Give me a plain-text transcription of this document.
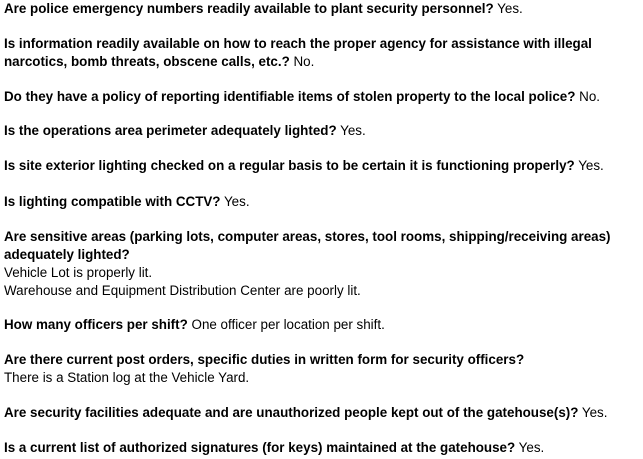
Are police emergency numbers readily available to plant security personnel? Yes.

Is information readily available on how to reach the proper agency for assistance with illegal
narcotics, bomb threats, obscene calls, etc.? No.

Do they have a policy of reporting identifiable items of stolen property to the local police? No.

Is the operations area perimeter adequately lighted? Yes.

Is site exterior lighting checked on a regular basis to be certain it is functioning properly? Yes.

Is lighting compatible with CCTV? Yes.

Are sensitive areas (parking lots, computer areas, stores, tool rooms, shipping/receiving areas)
adequately lighted?
Vehicle Lot is properly lit.
Warehouse and Equipment Distribution Center are poorly lit.

How many officers per shift? One officer per location per shift.

Are there current post orders, specific duties in written form for security officers?
There is a Station log at the Vehicle Yard.

Are security facilities adequate and are unauthorized people kept out of the gatehouse(s)? Yes.

Is a current list of authorized signatures (for keys) maintained at the gatehouse? Yes.
